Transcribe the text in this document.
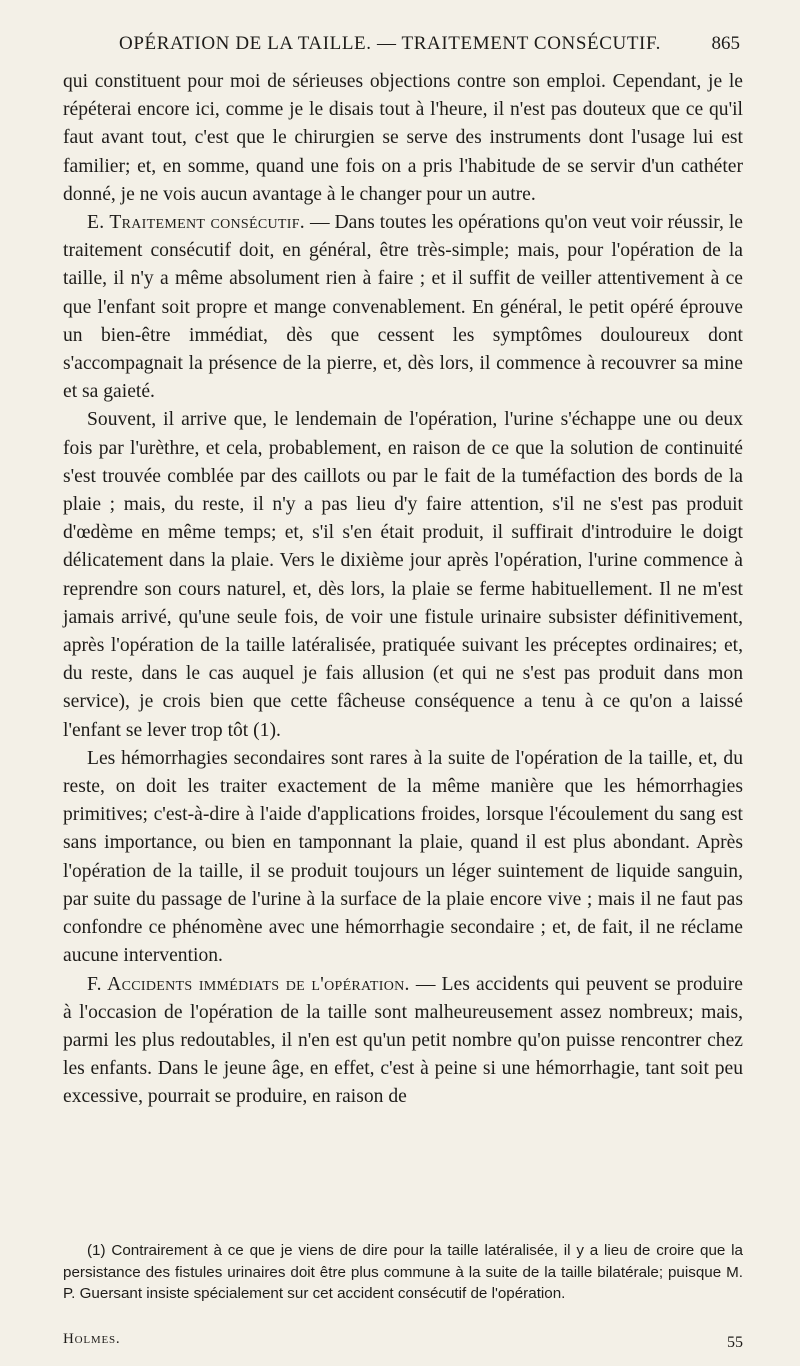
OPÉRATION DE LA TAILLE. — TRAITEMENT CONSÉCUTIF.	865

qui constituent pour moi de sérieuses objections contre son emploi. Cependant, je le répéterai encore ici, comme je le disais tout à l'heure, il n'est pas douteux que ce qu'il faut avant tout, c'est que le chirurgien se serve des instruments dont l'usage lui est familier; et, en somme, quand une fois on a pris l'habitude de se servir d'un cathéter donné, je ne vois aucun avantage à le changer pour un autre.

E. Traitement consécutif. — Dans toutes les opérations qu'on veut voir réussir, le traitement consécutif doit, en général, être très-simple; mais, pour l'opération de la taille, il n'y a même absolument rien à faire ; et il suffit de veiller attentivement à ce que l'enfant soit propre et mange convenablement. En général, le petit opéré éprouve un bien-être immédiat, dès que cessent les symptômes douloureux dont s'accompagnait la présence de la pierre, et, dès lors, il commence à recouvrer sa mine et sa gaieté.

Souvent, il arrive que, le lendemain de l'opération, l'urine s'échappe une ou deux fois par l'urèthre, et cela, probablement, en raison de ce que la solution de continuité s'est trouvée comblée par des caillots ou par le fait de la tuméfaction des bords de la plaie ; mais, du reste, il n'y a pas lieu d'y faire attention, s'il ne s'est pas produit d'œdème en même temps; et, s'il s'en était produit, il suffirait d'introduire le doigt délicatement dans la plaie. Vers le dixième jour après l'opération, l'urine commence à reprendre son cours naturel, et, dès lors, la plaie se ferme habituellement. Il ne m'est jamais arrivé, qu'une seule fois, de voir une fistule urinaire subsister définitivement, après l'opération de la taille latéralisée, pratiquée suivant les préceptes ordinaires; et, du reste, dans le cas auquel je fais allusion (et qui ne s'est pas produit dans mon service), je crois bien que cette fâcheuse conséquence a tenu à ce qu'on a laissé l'enfant se lever trop tôt (1).

Les hémorrhagies secondaires sont rares à la suite de l'opération de la taille, et, du reste, on doit les traiter exactement de la même manière que les hémorrhagies primitives; c'est-à-dire à l'aide d'applications froides, lorsque l'écoulement du sang est sans importance, ou bien en tamponnant la plaie, quand il est plus abondant. Après l'opération de la taille, il se produit toujours un léger suintement de liquide sanguin, par suite du passage de l'urine à la surface de la plaie encore vive ; mais il ne faut pas confondre ce phénomène avec une hémorrhagie secondaire ; et, de fait, il ne réclame aucune intervention.

F. Accidents immédiats de l'opération. — Les accidents qui peuvent se produire à l'occasion de l'opération de la taille sont malheureusement assez nombreux; mais, parmi les plus redoutables, il n'en est qu'un petit nombre qu'on puisse rencontrer chez les enfants. Dans le jeune âge, en effet, c'est à peine si une hémorrhagie, tant soit peu excessive, pourrait se produire, en raison de

(1) Contrairement à ce que je viens de dire pour la taille latéralisée, il y a lieu de croire que la persistance des fistules urinaires doit être plus commune à la suite de la taille bilatérale; puisque M. P. Guersant insiste spécialement sur cet accident consécutif de l'opération.

Holmes.	55
